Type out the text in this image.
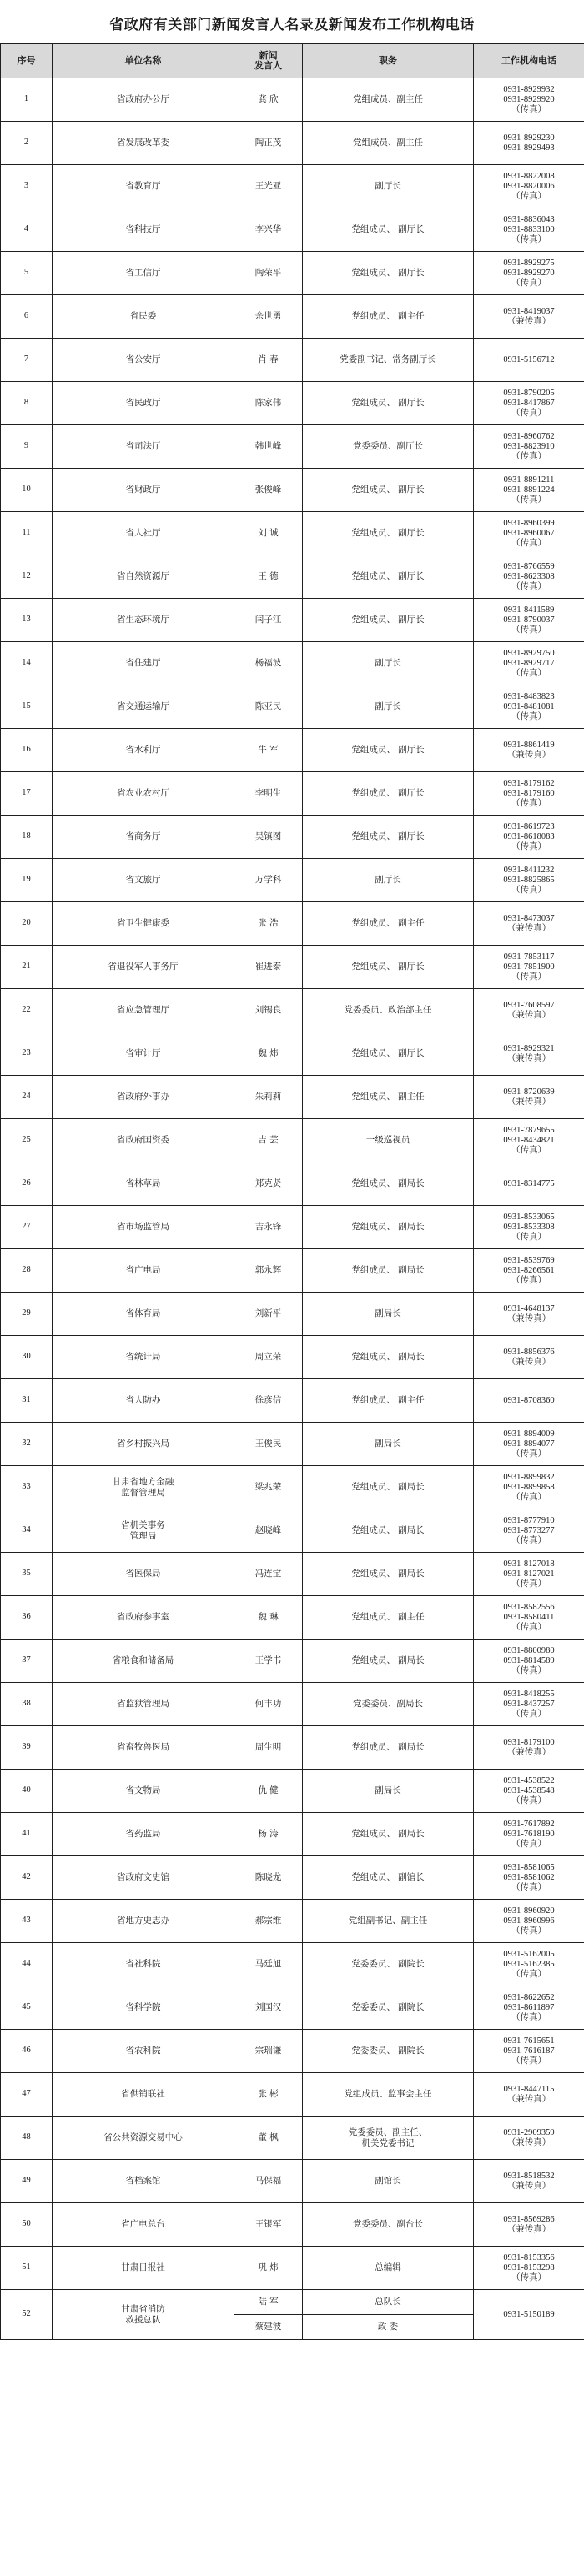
省政府有关部门新闻发言人名录及新闻发布工作机构电话
序号	单位名称	新闻
发言人	职务	工作机构电话
1	省政府办公厅	龚 欣	党组成员、副主任	0931-8929932
0931-8929920
（传真）

2	省发展改革委	陶正茂	党组成员、副主任	0931-8929230
0931-8929493

3	省教育厅	王光亚	副厅长	0931-8822008
0931-8820006
（传真）

4	省科技厅	李兴华	党组成员、 副厅长	0931-8836043
0931-8833100
（传真）

5	省工信厅	陶荣平	党组成员、 副厅长	0931-8929275
0931-8929270
（传真）

6	省民委	余世勇	党组成员、 副主任	0931-8419037
（兼传真）

7	省公安厅	肖 春	党委副书记、常务副厅长	0931-5156712

8	省民政厅	陈家伟	党组成员、 副厅长	0931-8790205
0931-8417867
（传真）

9	省司法厅	韩世峰	党委委员、副厅长	0931-8960762
0931-8823910
（传真）

10	省财政厅	张俊峰	党组成员、 副厅长	0931-8891211
0931-8891224
（传真）

11	省人社厅	刘 诚	党组成员、 副厅长	0931-8960399
0931-8960067
（传真）

12	省自然资源厅	王 德	党组成员、 副厅长	0931-8766559
0931-8623308
（传真）

13	省生态环境厅	闫子江	党组成员、 副厅长	0931-8411589
0931-8790037
（传真）

14	省住建厅	杨福波	副厅长	0931-8929750
0931-8929717
（传真）

15	省交通运输厅	陈亚民	副厅长	0931-8483823
0931-8481081
（传真）

16	省水利厅	牛 军	党组成员、 副厅长	0931-8861419
（兼传真）

17	省农业农村厅	李明生	党组成员、 副厅长	0931-8179162
0931-8179160
（传真）

18	省商务厅	吴镇图	党组成员、 副厅长	0931-8619723
0931-8618083
（传真）

19	省文旅厅	万学科	副厅长	0931-8411232
0931-8825865
（传真）

20	省卫生健康委	张 浩	党组成员、 副主任	0931-8473037
（兼传真）

21	省退役军人事务厅	崔进泰	党组成员、 副厅长	0931-7853117
0931-7851900
（传真）

22	省应急管理厅	刘锡良	党委委员、政治部主任	0931-7608597
（兼传真）

23	省审计厅	魏 炜	党组成员、 副厅长	0931-8929321
（兼传真）

24	省政府外事办	朱莉莉	党组成员、 副主任	0931-8720639
（兼传真）

25	省政府国资委	吉 芸	一级巡视员	0931-7879655
0931-8434821
（传真）

26	省林草局	郑克贤	党组成员、 副局长	0931-8314775

27	省市场监管局	吉永锋	党组成员、 副局长	0931-8533065
0931-8533308
（传真）

28	省广电局	郭永辉	党组成员、 副局长	0931-8539769
0931-8266561
（传真）

29	省体育局	刘新平	副局长	0931-4648137
（兼传真）

30	省统计局	周立荣	党组成员、 副局长	0931-8856376
（兼传真）

31	省人防办	徐彦信	党组成员、 副主任	0931-8708360

32	省乡村振兴局	王俊民	副局长	0931-8894009
0931-8894077
（传真）

33	甘肃省地方金融
监督管理局	梁兆荣	党组成员、 副局长	0931-8899832
0931-8899858
（传真）

34	省机关事务
管理局	赵晓峰	党组成员、 副局长	0931-8777910
0931-8773277
（传真）

35	省医保局	冯连宝	党组成员、 副局长	0931-8127018
0931-8127021
（传真）

36	省政府参事室	魏 琳	党组成员、 副主任	0931-8582556
0931-8580411
（传真）

37	省粮食和储备局	王学书	党组成员、 副局长	0931-8800980
0931-8814589
（传真）

38	省监狱管理局	何丰功	党委委员、副局长	0931-8418255
0931-8437257
（传真）

39	省畜牧兽医局	周生明	党组成员、 副局长	0931-8179100
（兼传真）

40	省文物局	仇 健	副局长	0931-4538522
0931-4538548
（传真）

41	省药监局	杨 涛	党组成员、 副局长	0931-7617892
0931-7618190
（传真）

42	省政府文史馆	陈晓龙	党组成员、 副馆长	0931-8581065
0931-8581062
（传真）

43	省地方史志办	郝宗维	党组副书记、副主任	0931-8960920
0931-8960996
（传真）

44	省社科院	马廷旭	党委委员、 副院长	0931-5162005
0931-5162385
（传真）

45	省科学院	刘国汉	党委委员、 副院长	0931-8622652
0931-8611897
（传真）

46	省农科院	宗瑞谦	党委委员、 副院长	0931-7615651
0931-7616187
（传真）

47	省供销联社	张 彬	党组成员、监事会主任	0931-8447115
（兼传真）

48	省公共资源交易中心	董 枫	党委委员、副主任、
机关党委书记	0931-2909359
（兼传真）

49	省档案馆	马保福	副馆长	0931-8518532
（兼传真）

50	省广电总台	王银军	党委委员、副台长	0931-8569286
（兼传真）

51	甘肃日报社	巩 炜	总编辑	0931-8153356
0931-8153298
（传真）

52	甘肃省消防
救援总队	陆 军	总队长	0931-5150189

		蔡建波	政 委	
